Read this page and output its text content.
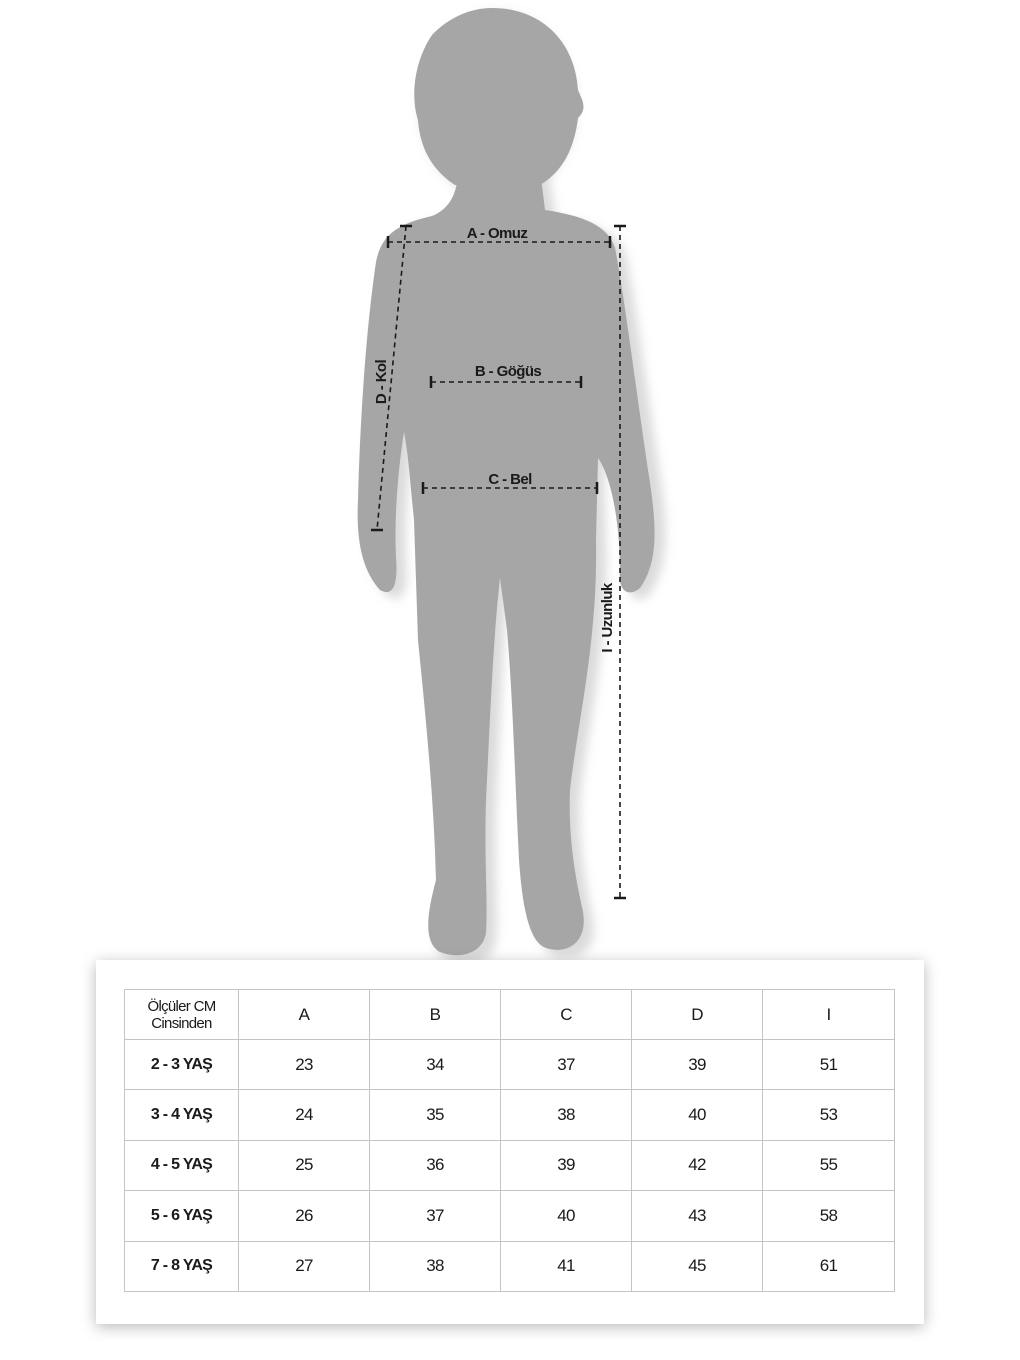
A - Omuz
B - Göğüs
C - Bel
D - Kol
I - Uzunluk
Ölçüler CM
Cinsinden	A	B	C	D	I
2 - 3 YAŞ	23	34	37	39	51
3 - 4 YAŞ	24	35	38	40	53
4 - 5 YAŞ	25	36	39	42	55
5 - 6 YAŞ	26	37	40	43	58
7 - 8 YAŞ	27	38	41	45	61
